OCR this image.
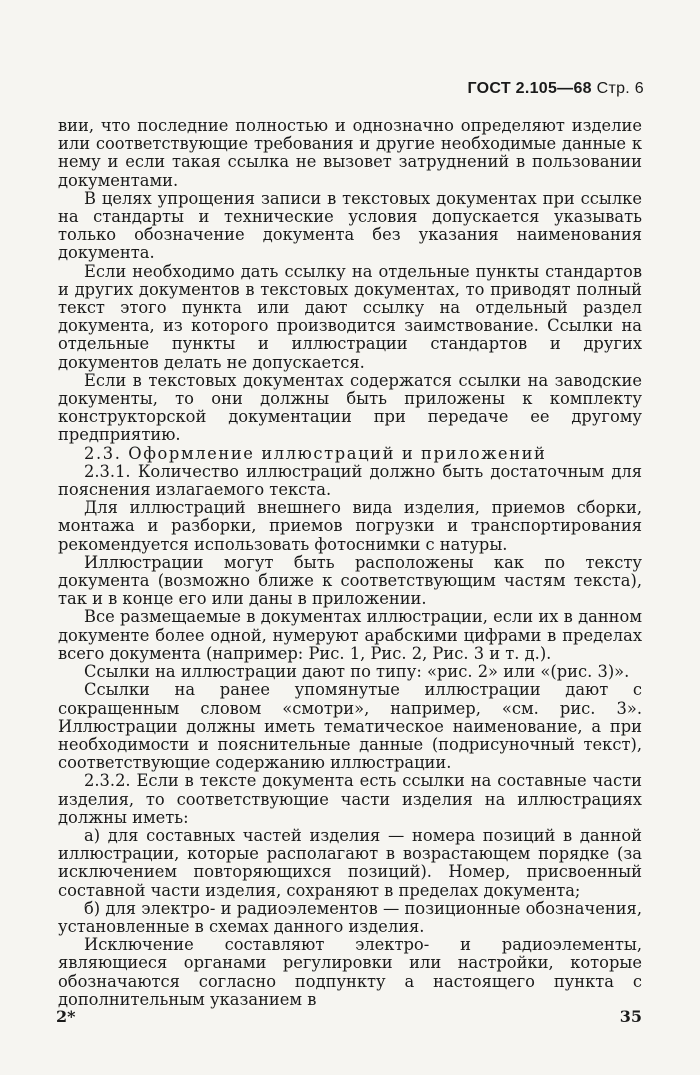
ГОСТ 2.105—68 Стр. 6

вии, что последние полностью и однозначно определяют изделие или соответствующие требования и другие необходимые данные к нему и если такая ссылка не вызовет затруднений в пользовании документами.

В целях упрощения записи в текстовых документах при ссылке на стандарты и технические условия допускается указывать только обозначение документа без указания наименования документа.

Если необходимо дать ссылку на отдельные пункты стандартов и других документов в текстовых документах, то приводят полный текст этого пункта или дают ссылку на отдельный раздел документа, из которого производится заимствование. Ссылки на отдельные пункты и иллюстрации стандартов и других документов делать не допускается.

Если в текстовых документах содержатся ссылки на заводские документы, то они должны быть приложены к комплекту конструкторской документации при передаче ее другому предприятию.

2.3. Оформление иллюстраций и приложений

2.3.1. Количество иллюстраций должно быть достаточным для пояснения излагаемого текста.

Для иллюстраций внешнего вида изделия, приемов сборки, монтажа и разборки, приемов погрузки и транспортирования рекомендуется использовать фотоснимки с натуры.

Иллюстрации могут быть расположены как по тексту документа (возможно ближе к соответствующим частям текста), так и в конце его или даны в приложении.

Все размещаемые в документах иллюстрации, если их в данном документе более одной, нумеруют арабскими цифрами в пределах всего документа (например: Рис. 1, Рис. 2, Рис. 3 и т. д.).

Ссылки на иллюстрации дают по типу: «рис. 2» или «(рис. 3)».

Ссылки на ранее упомянутые иллюстрации дают с сокращенным словом «смотри», например, «см. рис. 3». Иллюстрации должны иметь тематическое наименование, а при необходимости и пояснительные данные (подрисуночный текст), соответствующие содержанию иллюстрации.

2.3.2. Если в тексте документа есть ссылки на составные части изделия, то соответствующие части изделия на иллюстрациях должны иметь:

а) для составных частей изделия — номера позиций в данной иллюстрации, которые располагают в возрастающем порядке (за исключением повторяющихся позиций). Номер, присвоенный составной части изделия, сохраняют в пределах документа;

б) для электро- и радиоэлементов — позиционные обозначения, установленные в схемах данного изделия.

Исключение составляют электро- и радиоэлементы, являющиеся органами регулировки или настройки, которые обозначаются согласно подпункту а настоящего пункта с дополнительным указанием в

2*	35
